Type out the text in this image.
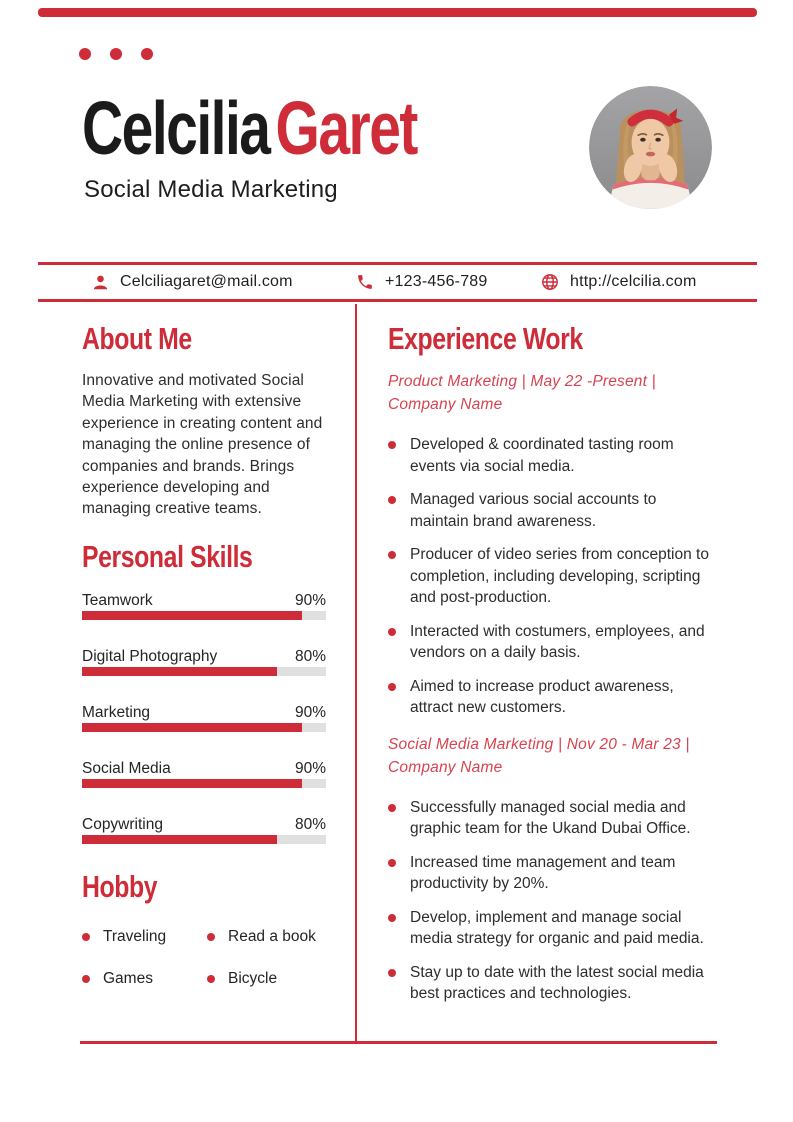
CelciliaGaret
Social Media Marketing
Celciliagaret@mail.com	+123-456-789	http://celcilia.com
About Me

Innovative and motivated Social Media Marketing with extensive experience in creating content and managing the online presence of companies and brands. Brings experience developing and managing creative teams.

Personal Skills
Teamwork	90%
Digital Photography	80%
Marketing	90%
Social Media	90%
Copywriting	80%
Hobby
Traveling	Read a book
Games	Bicycle
Experience Work
Product Marketing | May 22 -Present | Company Name
Developed & coordinated tasting room events via social media.
Managed various social accounts to maintain brand awareness.
Producer of video series from conception to completion, including developing, scripting and post-production.
Interacted with costumers, employees, and vendors on a daily basis.
Aimed to increase product awareness, attract new customers.
Social Media Marketing | Nov 20 - Mar 23 | Company Name
Successfully managed social media and graphic team for the Ukand Dubai Office.
Increased time management and team productivity by 20%.
Develop, implement and manage social media strategy for organic and paid media.
Stay up to date with the latest social media best practices and technologies.
